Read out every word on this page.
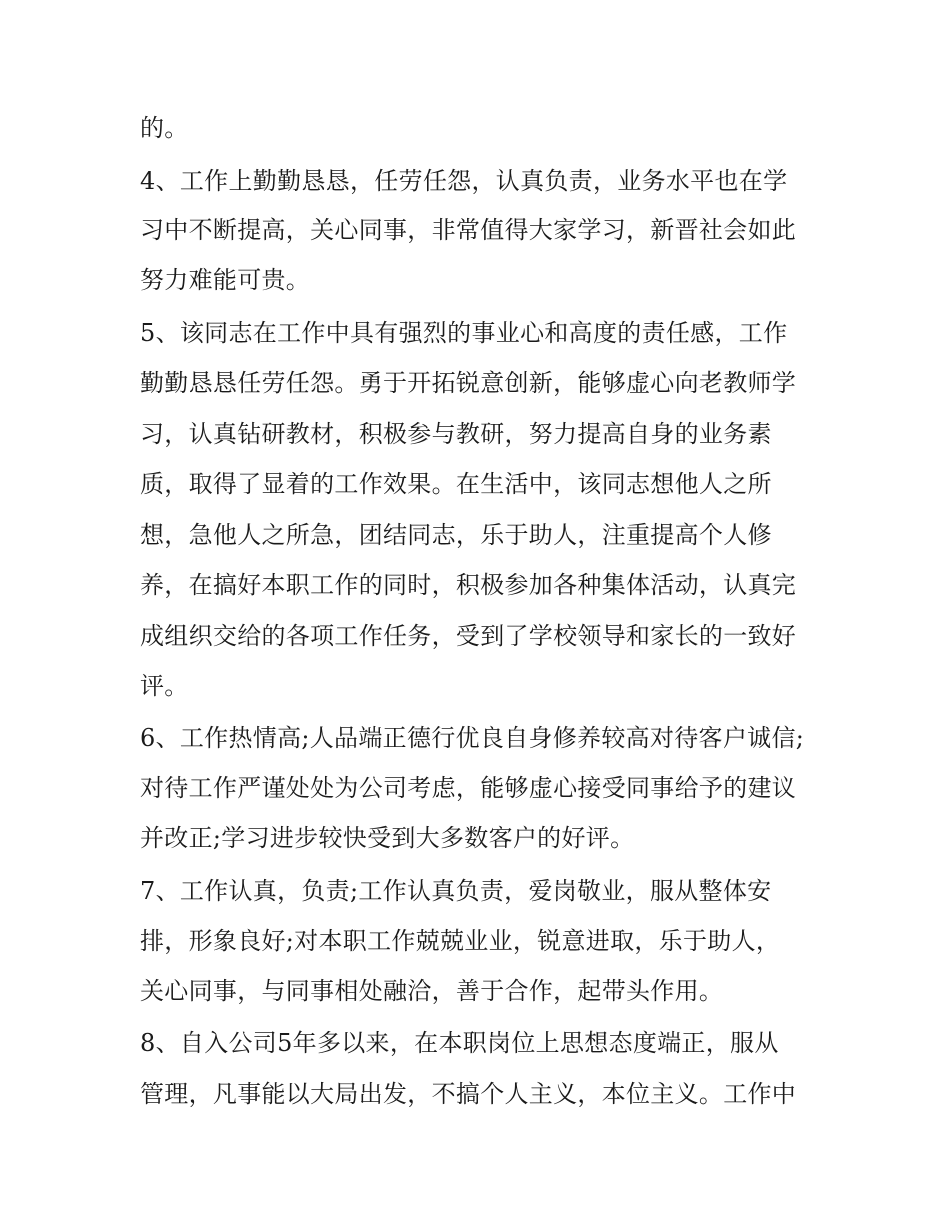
的。
4、工作上勤勤恳恳，任劳任怨，认真负责，业务水平也在学
习中不断提高，关心同事，非常值得大家学习，新晋社会如此
努力难能可贵。
5、该同志在工作中具有强烈的事业心和高度的责任感，工作
勤勤恳恳任劳任怨。勇于开拓锐意创新，能够虚心向老教师学
习，认真钻研教材，积极参与教研，努力提高自身的业务素
质，取得了显着的工作效果。在生活中，该同志想他人之所
想，急他人之所急，团结同志，乐于助人，注重提高个人修
养，在搞好本职工作的同时，积极参加各种集体活动，认真完
成组织交给的各项工作任务，受到了学校领导和家长的一致好
评。
6、工作热情高;人品端正德行优良自身修养较高对待客户诚信;
对待工作严谨处处为公司考虑，能够虚心接受同事给予的建议
并改正;学习进步较快受到大多数客户的好评。
7、工作认真，负责;工作认真负责，爱岗敬业，服从整体安
排，形象良好;对本职工作兢兢业业，锐意进取，乐于助人，
关心同事，与同事相处融洽，善于合作，起带头作用。
8、自入公司5年多以来，在本职岗位上思想态度端正，服从
管理，凡事能以大局出发，不搞个人主义，本位主义。工作中
